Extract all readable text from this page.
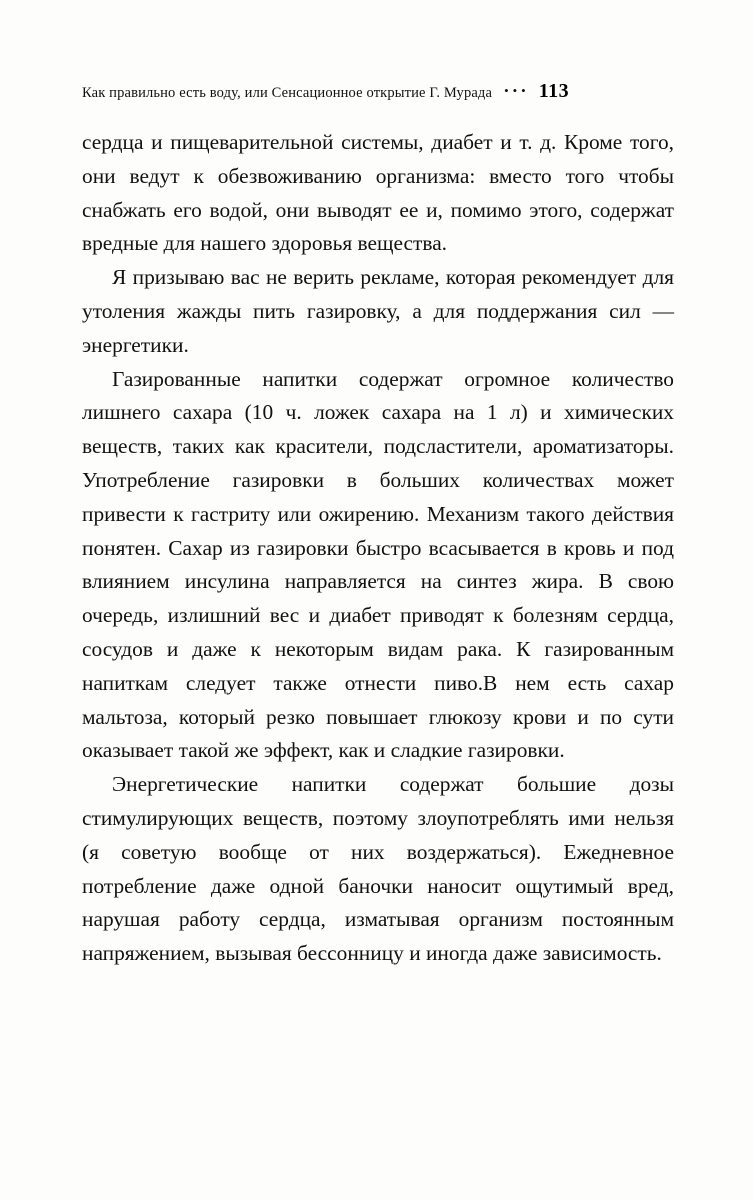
Как правильно есть воду, или Сенсационное открытие Г. Мурада ••• 113

сердца и пищеварительной системы, диабет и т. д. Кроме того, они ведут к обезвоживанию организма: вместо того чтобы снабжать его водой, они выводят ее и, помимо этого, содержат вредные для нашего здоровья вещества.

Я призываю вас не верить рекламе, которая рекомендует для утоления жажды пить газировку, а для поддержания сил — энергетики.

Газированные напитки содержат огромное количество лишнего сахара (10 ч. ложек сахара на 1 л) и химических веществ, таких как красители, подсластители, ароматизаторы. Употребление газировки в больших количествах может привести к гастриту или ожирению. Механизм такого действия понятен. Сахар из газировки быстро всасывается в кровь и под влиянием инсулина направляется на синтез жира. В свою очередь, излишний вес и диабет приводят к болезням сердца, сосудов и даже к некоторым видам рака. К газированным напиткам следует также отнести пиво.В нем есть сахар мальтоза, который резко повышает глюкозу крови и по сути оказывает такой же эффект, как и сладкие газировки.

Энергетические напитки содержат большие дозы стимулирующих веществ, поэтому злоупотреблять ими нельзя (я советую вообще от них воздержаться). Ежедневное потребление даже одной баночки наносит ощутимый вред, нарушая работу сердца, изматывая организм постоянным напряжением, вызывая бессонницу и иногда даже зависимость.
